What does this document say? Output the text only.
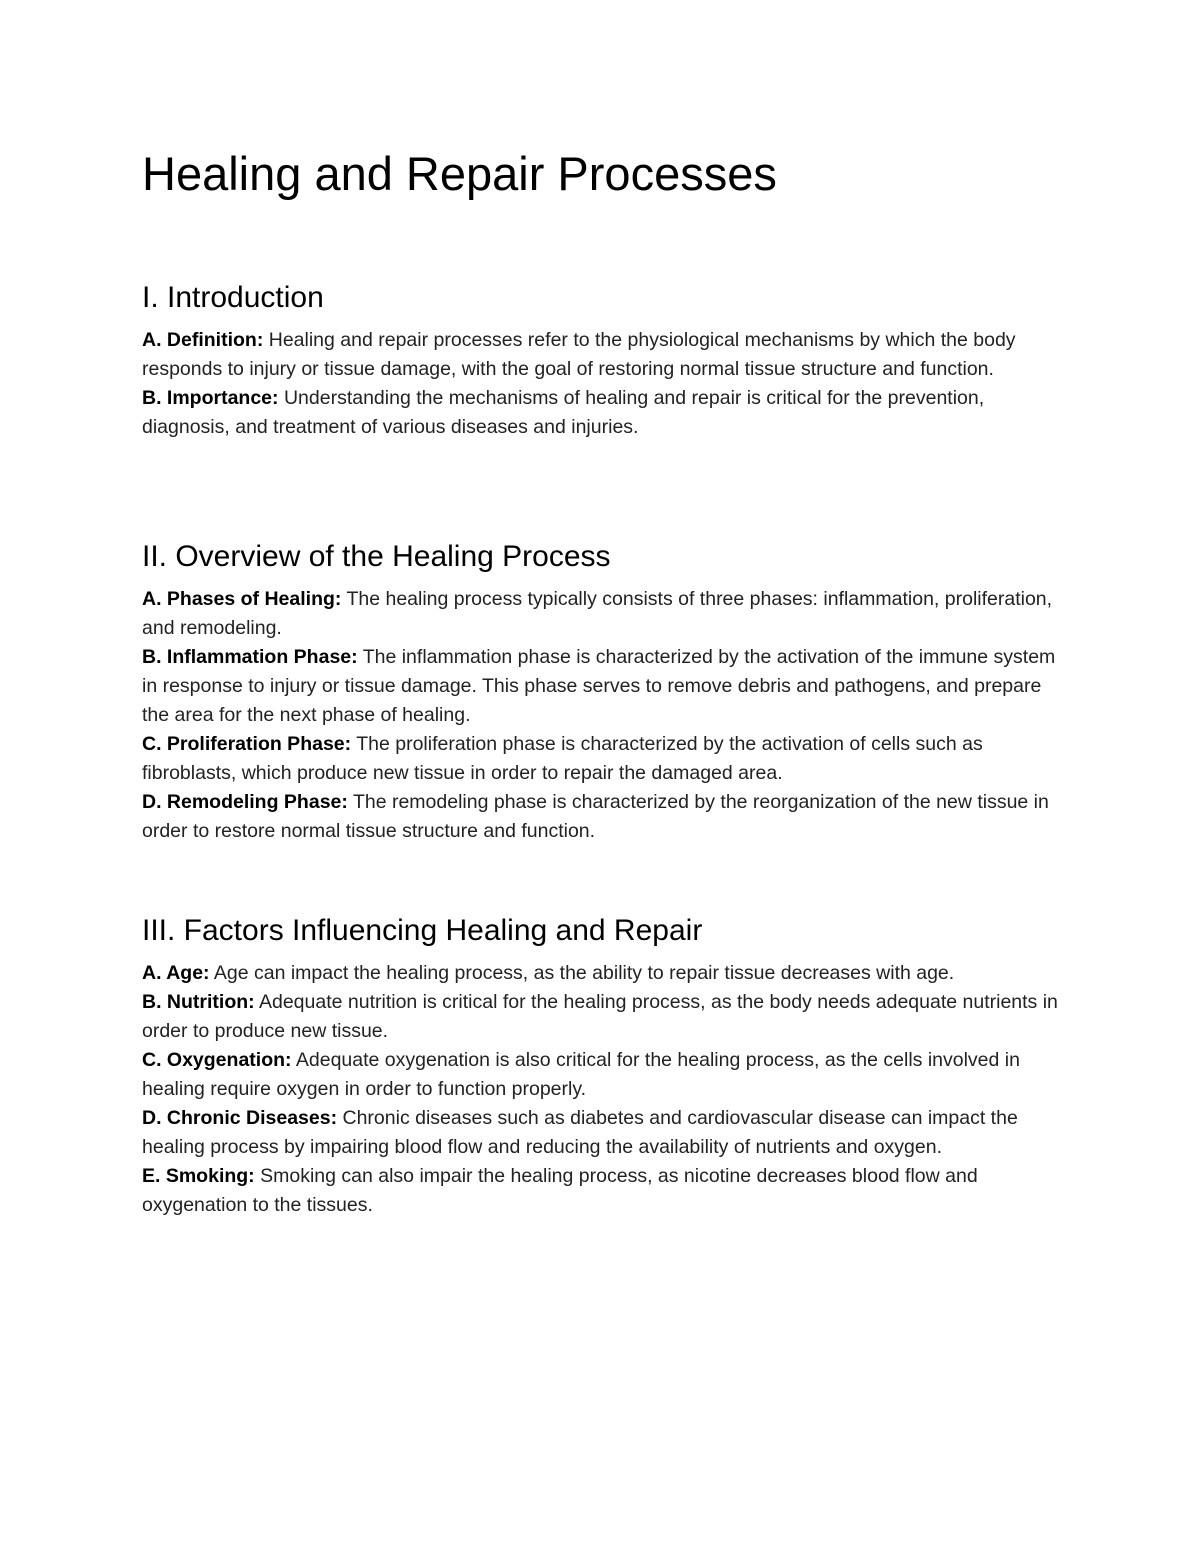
Healing and Repair Processes
I. Introduction

A. Definition: Healing and repair processes refer to the physiological mechanisms by which the body responds to injury or tissue damage, with the goal of restoring normal tissue structure and function.

B. Importance: Understanding the mechanisms of healing and repair is critical for the prevention, diagnosis, and treatment of various diseases and injuries.

II. Overview of the Healing Process

A. Phases of Healing: The healing process typically consists of three phases: inflammation, proliferation, and remodeling.

B. Inflammation Phase: The inflammation phase is characterized by the activation of the immune system in response to injury or tissue damage. This phase serves to remove debris and pathogens, and prepare the area for the next phase of healing.

C. Proliferation Phase: The proliferation phase is characterized by the activation of cells such as fibroblasts, which produce new tissue in order to repair the damaged area.

D. Remodeling Phase: The remodeling phase is characterized by the reorganization of the new tissue in order to restore normal tissue structure and function.

III. Factors Influencing Healing and Repair

A. Age: Age can impact the healing process, as the ability to repair tissue decreases with age.

B. Nutrition: Adequate nutrition is critical for the healing process, as the body needs adequate nutrients in order to produce new tissue.

C. Oxygenation: Adequate oxygenation is also critical for the healing process, as the cells involved in healing require oxygen in order to function properly.

D. Chronic Diseases: Chronic diseases such as diabetes and cardiovascular disease can impact the healing process by impairing blood flow and reducing the availability of nutrients and oxygen.

E. Smoking: Smoking can also impair the healing process, as nicotine decreases blood flow and oxygenation to the tissues.
